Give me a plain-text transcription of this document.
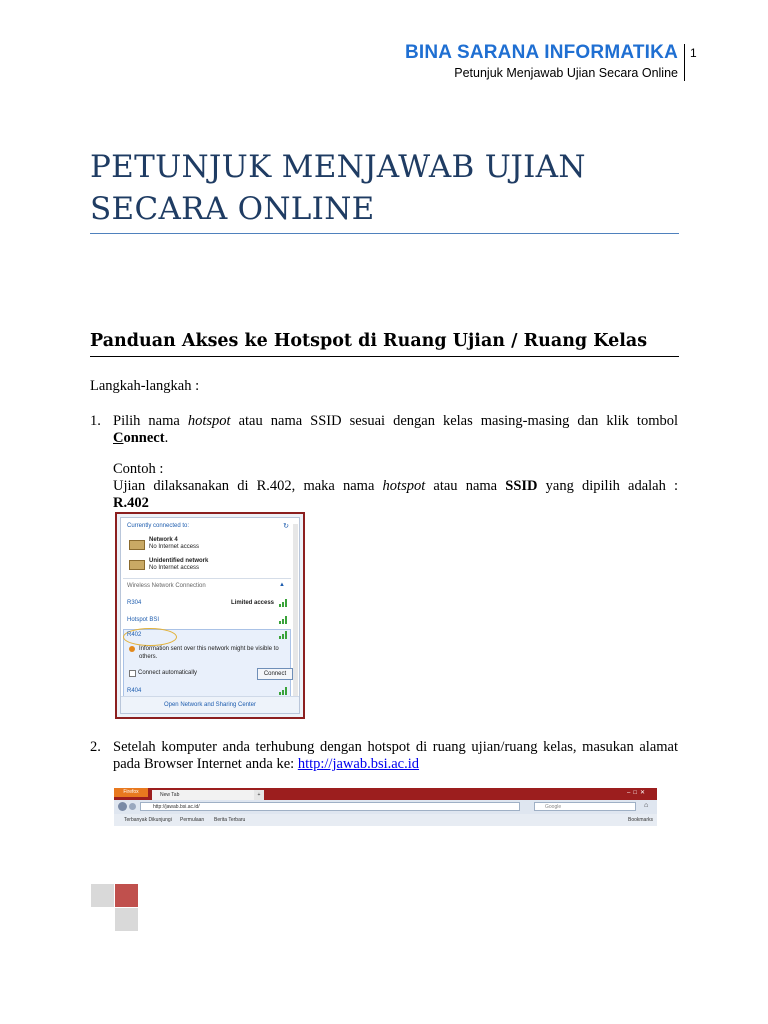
BINA SARANA INFORMATIKA
Petunjuk Menjawab Ujian Secara Online
1
PETUNJUK MENJAWAB UJIAN
SECARA ONLINE
Panduan Akses ke Hotspot di Ruang Ujian / Ruang Kelas
Langkah-langkah :
1. Pilih nama hotspot atau nama SSID sesuai dengan kelas masing-masing dan klik tombol
Connect.
Contoh :
Ujian dilaksanakan di R.402, maka nama hotspot atau nama SSID yang dipilih adalah :
R.402
Currently connected to:	↻
Network 4
No Internet access
Unidentified network
No Internet access
Wireless Network Connection	▲
R304	Limited access
Hotspot BSI
R402
Information sent over this network might be visible to others.
Connect automatically	Connect
R404
Open Network and Sharing Center
2. Setelah komputer anda terhubung dengan hotspot di ruang ujian/ruang kelas, masukan alamat
pada Browser Internet anda ke: http://jawab.bsi.ac.id
Firefox	New Tab	+	–□✕
http://jawab.bsi.ac.id/	Google	⌂
Terbanyak Dikunjungi Permulaan Berita Terbaru	Bookmarks
